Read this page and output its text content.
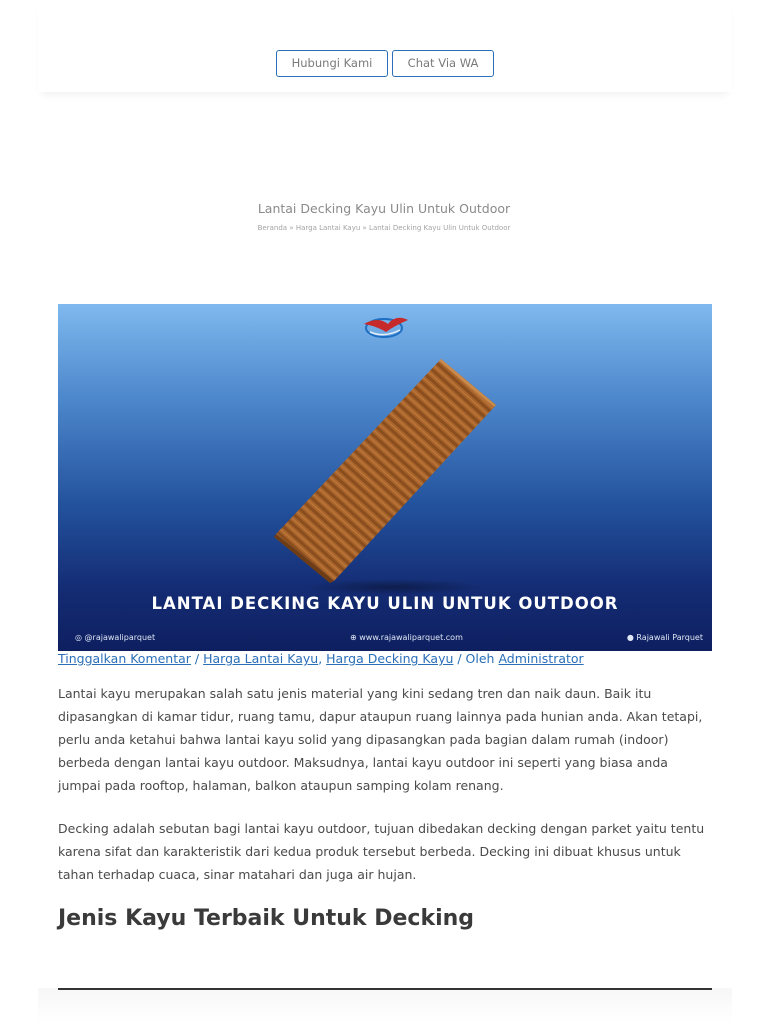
Hubungi Kami	Chat Via WA
Lantai Decking Kayu Ulin Untuk Outdoor
Beranda » Harga Lantai Kayu » Lantai Decking Kayu Ulin Untuk Outdoor
LANTAI DECKING KAYU ULIN UNTUK OUTDOOR
◎ @rajawaliparquet	⊕ www.rajawaliparquet.com	● Rajawali Parquet
Tinggalkan Komentar / Harga Lantai Kayu, Harga Decking Kayu / Oleh Administrator

Lantai kayu merupakan salah satu jenis material yang kini sedang tren dan naik daun. Baik itu dipasangkan di kamar tidur, ruang tamu, dapur ataupun ruang lainnya pada hunian anda. Akan tetapi, perlu anda ketahui bahwa lantai kayu solid yang dipasangkan pada bagian dalam rumah (indoor) berbeda dengan lantai kayu outdoor. Maksudnya, lantai kayu outdoor ini seperti yang biasa anda jumpai pada rooftop, halaman, balkon ataupun samping kolam renang.

Decking adalah sebutan bagi lantai kayu outdoor, tujuan dibedakan decking dengan parket yaitu tentu karena sifat dan karakteristik dari kedua produk tersebut berbeda. Decking ini dibuat khusus untuk tahan terhadap cuaca, sinar matahari dan juga air hujan.

Jenis Kayu Terbaik Untuk Decking
